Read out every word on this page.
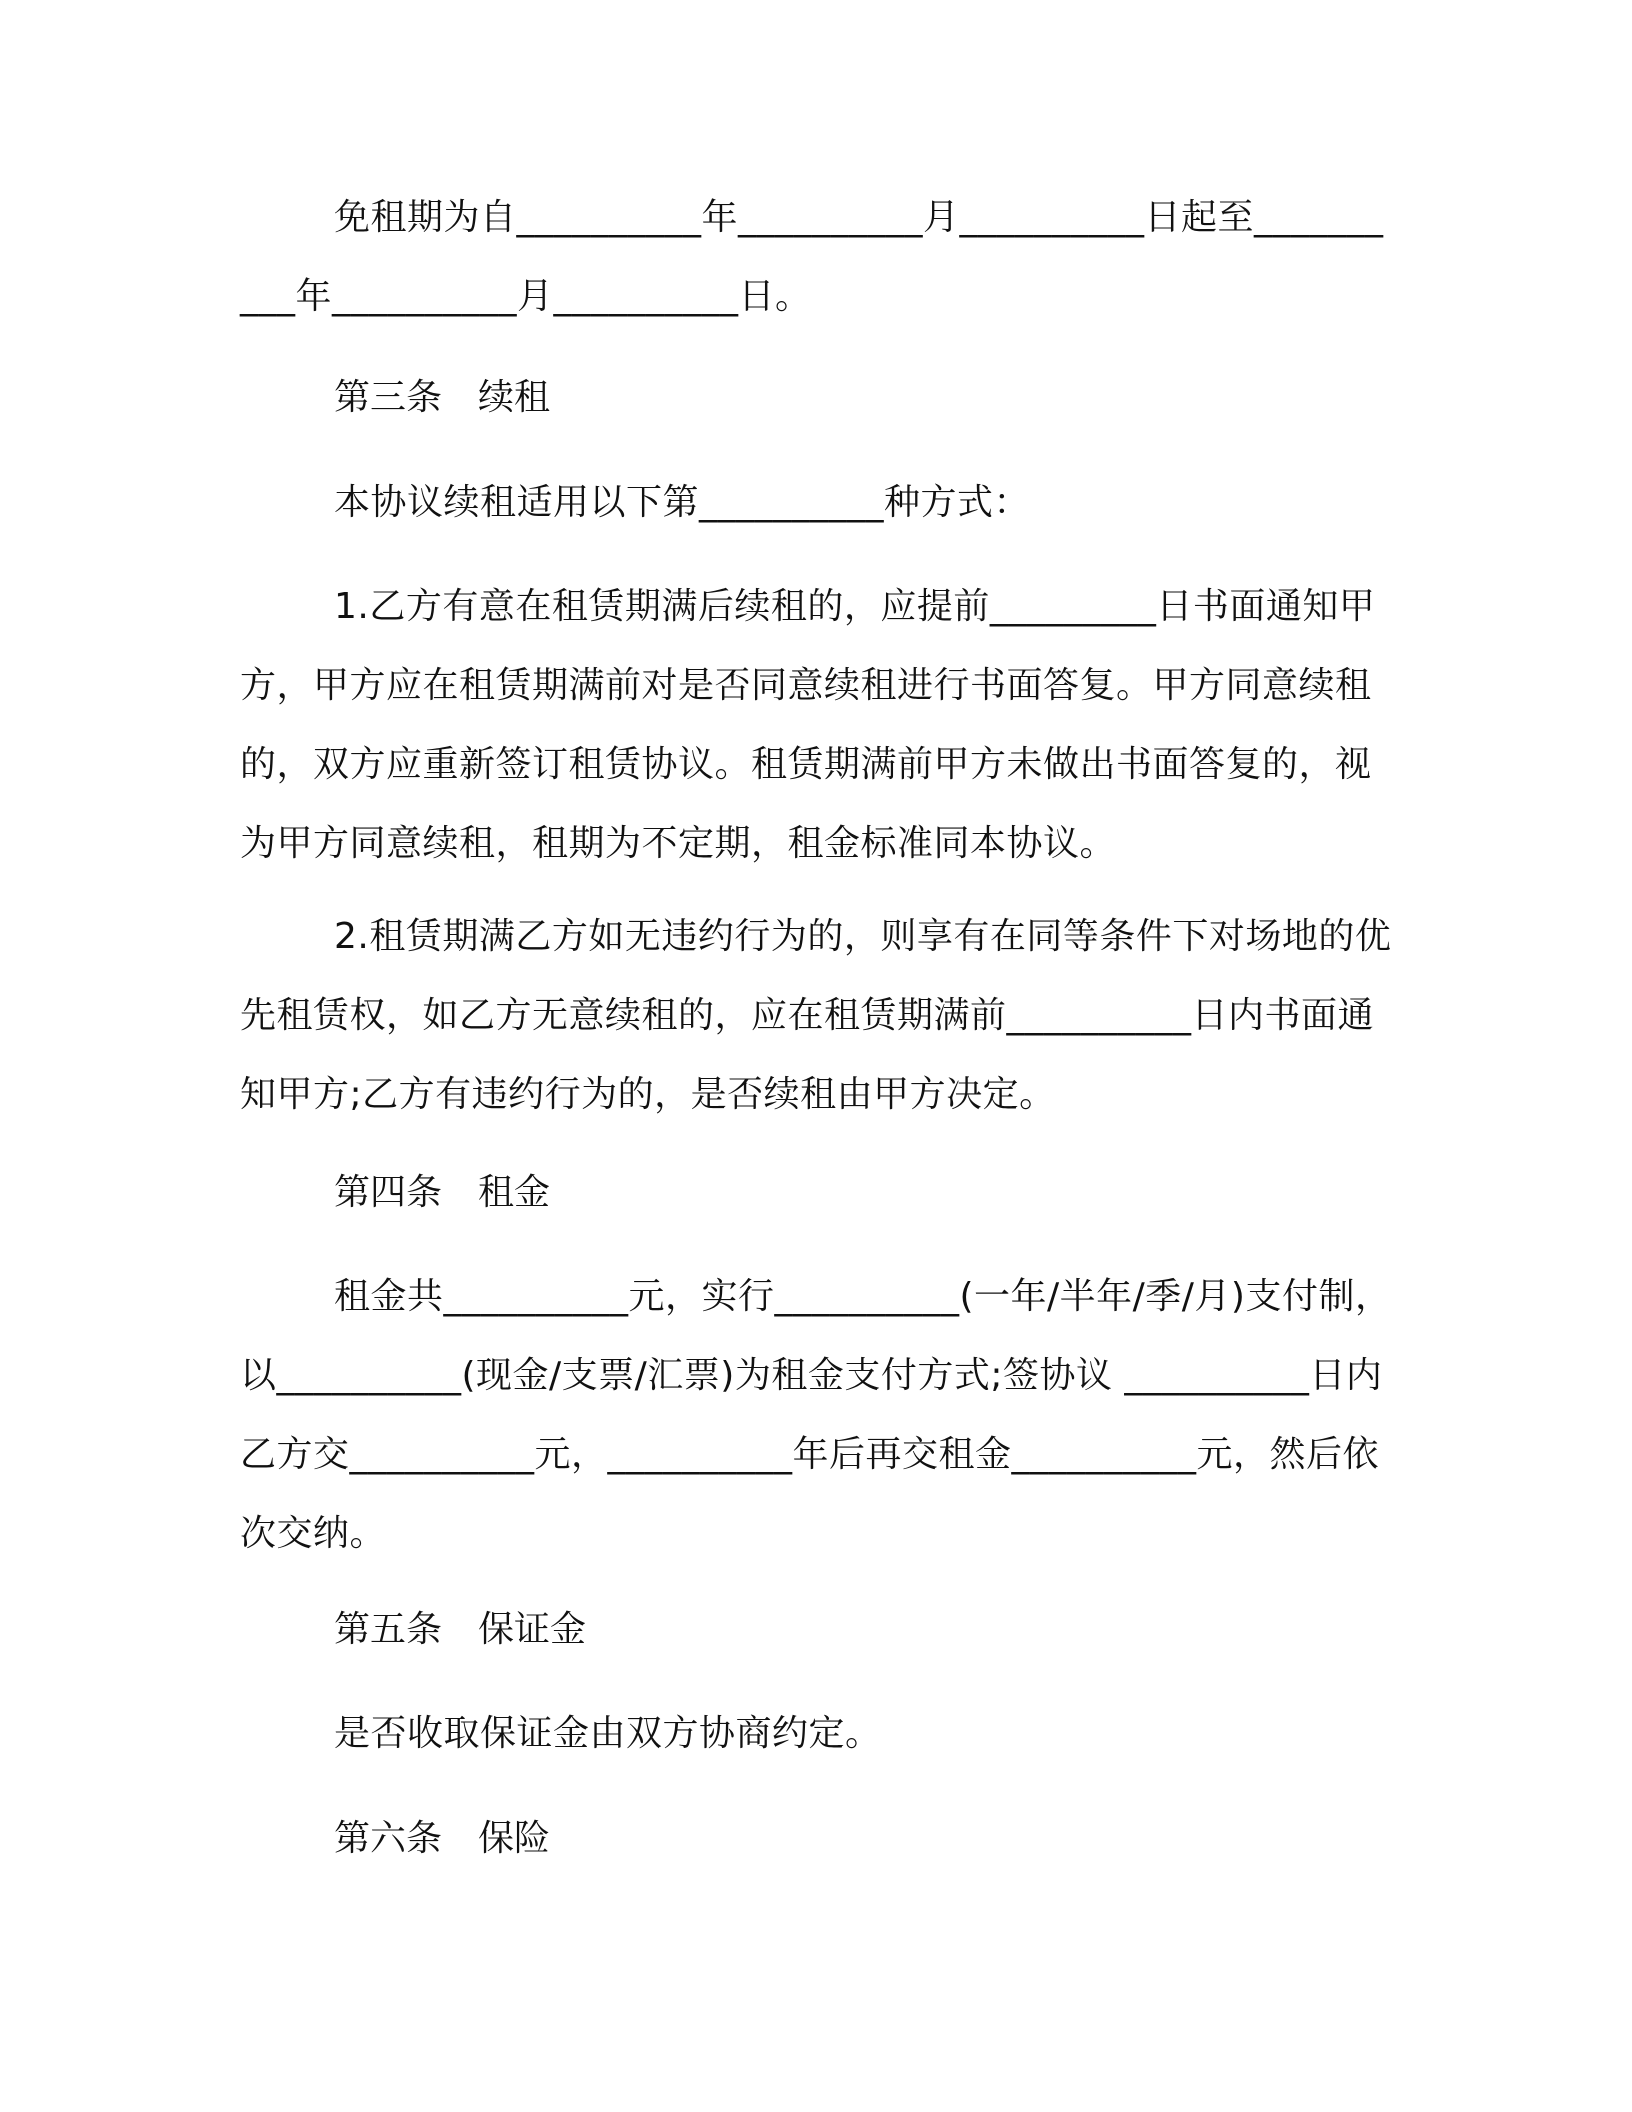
免租期为自__________年__________月__________日起至__________年__________月__________日。
第三条　续租
本协议续租适用以下第__________种方式：
1.乙方有意在租赁期满后续租的，应提前_________日书面通知甲方，甲方应在租赁期满前对是否同意续租进行书面答复。甲方同意续租的，双方应重新签订租赁协议。租赁期满前甲方未做出书面答复的，视为甲方同意续租，租期为不定期，租金标准同本协议。
2.租赁期满乙方如无违约行为的，则享有在同等条件下对场地的优先租赁权，如乙方无意续租的，应在租赁期满前__________日内书面通知甲方;乙方有违约行为的，是否续租由甲方决定。
第四条　租金
租金共__________元，实行__________(一年/半年/季/月)支付制，以__________(现金/支票/汇票)为租金支付方式;签协议 __________日内乙方交__________元，__________年后再交租金__________元，然后依次交纳。
第五条　保证金
是否收取保证金由双方协商约定。
第六条　保险
